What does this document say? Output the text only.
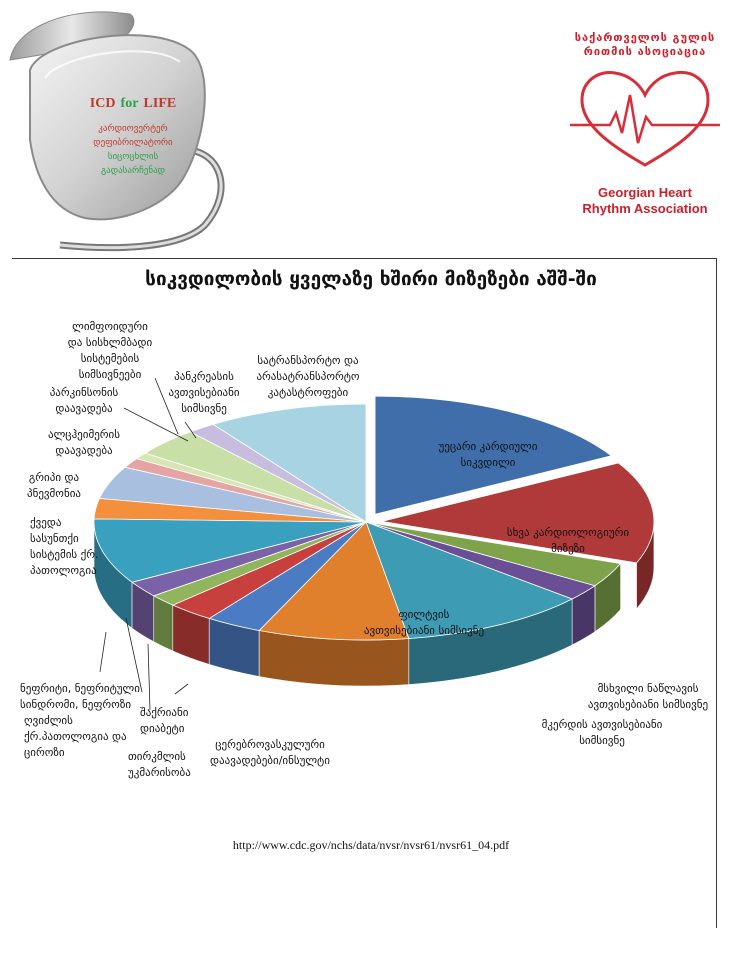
ICD for LIFE
კარდიოვერტერ
დეფიბრილატორი
სიცოცხლის
გადასარჩენად
საქართველოს გულის
რითმის ასოციაცია
Georgian Heart
Rhythm Association
სიკვდილობის ყველაზე ხშირი მიზეზები აშშ-ში
ლიმფოიდური და სისხლმბადი სისტემების სიმსივნეები	პანკრეასის ავთვისებიანი სიმსივნე
სატრანსპორტო და არასატრანსპორტო კატასტროფები
პარკინსონის დაავადება
ალცჰეიმერის დაავადება
გრიპი და პნევმონია
ქვედა სასუნთქი სისტემის ქრ. პათოლოგია
ნეფრიტი, ნეფრიტული სინდრომი, ნეფროზი
ღვიძლის ქრ.პათოლოგია და ციროზი
შაქრიანი დიაბეტი
თირკმლის უკმარისობა
ცერებროვასკულური დაავადებები/ინსულტი
მსხვილი ნაწლავის ავთვისებიანი სიმსივნე
მკერდის ავთვისებიანი სიმსივნე
უეცარი კარდიული სიკვდილი
სხვა კარდიოლოგიური მიზეზი
ფილტვის ავთვისებიანი სიმსივნე
http://www.cdc.gov/nchs/data/nvsr/nvsr61/nvsr61_04.pdf
